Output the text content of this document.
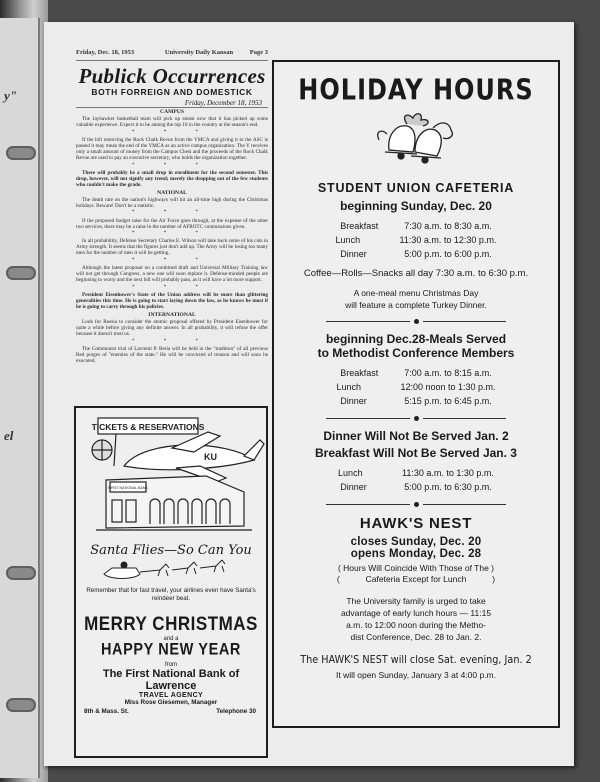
y"
el
Friday, Dec. 18, 1953	University Daily Kansan	Page 3
Publick Occurrences
BOTH FORREIGN AND DOMESTICK
Friday, December 18, 1953
CAMPUS

The Jayhawker basketball team will pick up steam now that it has picked up some valuable experience. Expect it to be among the top 10 in the country at the season's end.

* * *

If the bill removing the Rock Chalk Revue from the YMCA and giving it to the ASC is passed it may mean the end of the YMCA as an active campus organization. The Y receives only a small amount of money from the Campus Chest and the proceeds of the Rock Chalk Revue are used to pay an executive secretary, who holds the organization together.

* * *

There will probably be a small drop in enrollment for the second semester. This drop, however, will not signify any trend; merely the dropping out of the few students who couldn't make the grade.

NATIONAL

The death rate on the nation's highways will hit an all-time high during the Christmas holidays. Beware! Don't be a statistic.

* * *

If the proposed budget raise for the Air Force goes through, at the expense of the other two services, there may be a raise in the number of AFROTC commissions given.

* * *

In all probability, Defense Secretary Charles E. Wilson will take back some of his cuts in Army strength. It seems that the figures just don't add up. The Army will be losing too many men for the number of men it will be getting.

* * *

Although the latest proposal on a combined draft and Universal Military Training law will not get through Congress, a new one will soon replace it. Defense-minded people are beginning to worry and the next bill will probably pass, as it will have a lot more support.

* * *

President Eisenhower's State of the Union address will be more than glittering generalities this time. He is going to start laying down the law, as he knows he must if he is going to carry through his policies.

INTERNATIONAL

Look for Russia to consider the atomic proposal offered by President Eisenhower for quite a while before giving any definite answer. In all probability, it will refuse the offer because it doesn't trust us.

* * *

The Communist trial of Lavrenti P. Beria will be held in the "tradition" of all previous Red purges of "enemies of the state." He will be convicted of treason and will soon be executed.

TICKETS & RESERVATIONS
KU
FIRST NATIONAL BANK
Santa Flies—So Can You
Remember that for fast travel, your airlines even have Santa's reindeer beat.
MERRY CHRISTMAS
and a
HAPPY NEW YEAR
from
The First National Bank of Lawrence
TRAVEL AGENCY
Miss Rose Giesemen, Manager
8th & Mass. St.	Telephone 30
HOLIDAY HOURS
STUDENT UNION CAFETERIA
beginning Sunday, Dec. 20
Breakfast	7:30 a.m. to 8:30 a.m.
Lunch	11:30 a.m. to 12:30 p.m.
Dinner	5:00 p.m. to 6:00 p.m.
Coffee—Rolls—Snacks all day 7:30 a.m. to 6:30 p.m.
A one-meal menu Christmas Day
will feature a complete Turkey Dinner.
beginning Dec.28-Meals Served
to Methodist Conference Members
Breakfast	7:00 a.m. to 8:15 a.m.
Lunch	12:00 noon to 1:30 p.m.
Dinner	5:15 p.m. to 6:45 p.m.
Dinner Will Not Be Served Jan. 2
Breakfast Will Not Be Served Jan. 3
Lunch	11:30 a.m. to 1:30 p.m.
Dinner	5:00 p.m. to 6:30 p.m.
HAWK'S NEST
closes Sunday, Dec. 20
opens Monday, Dec. 28
( Hours Will Coincide With Those of The )
(           Cafeteria Except for Lunch           )
The University family is urged to take
advantage of early lunch hours — 11:15
a.m. to 12:00 noon during the Metho-
dist Conference, Dec. 28 to Jan. 2.
The HAWK'S NEST will close Sat. evening, Jan. 2
It will open Sunday, January 3 at 4:00 p.m.
